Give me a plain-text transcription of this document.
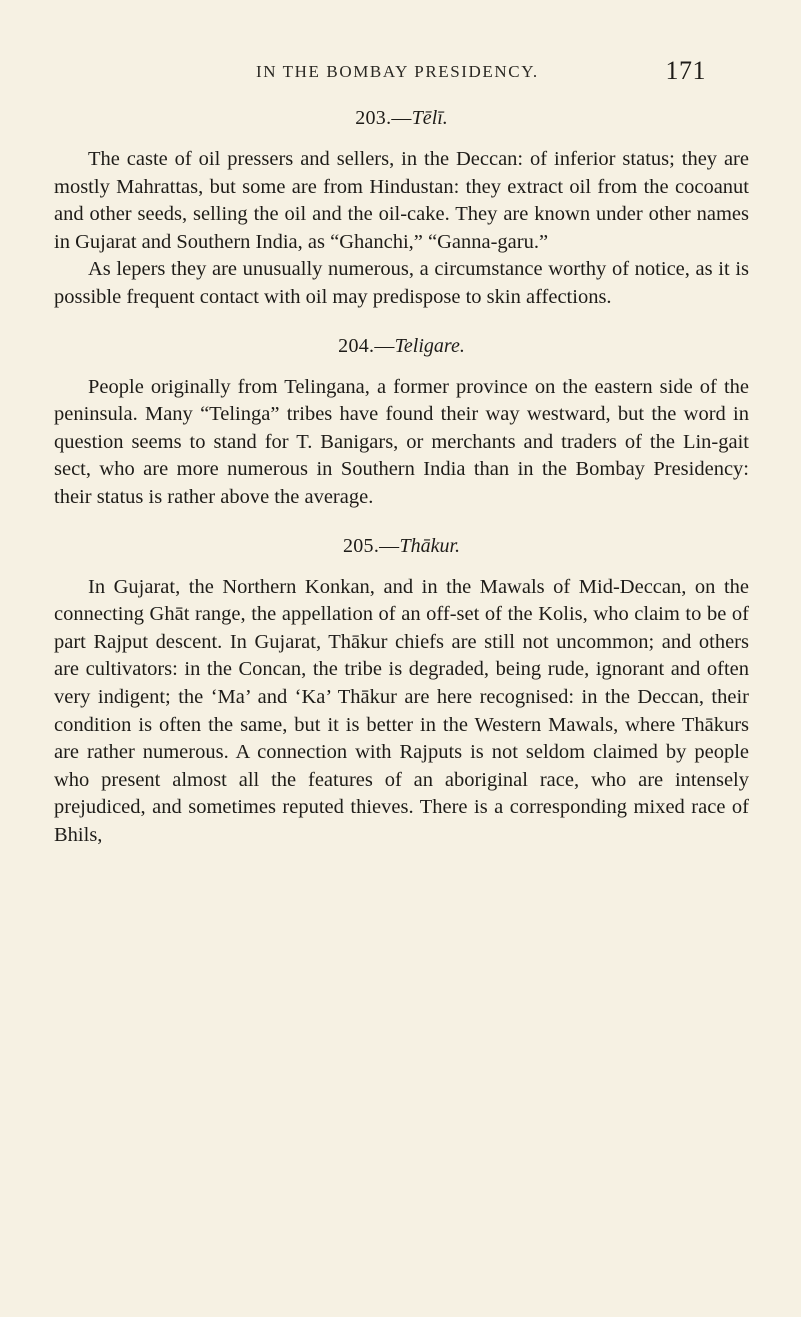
IN THE BOMBAY PRESIDENCY.	171

203.—Tēlī.

The caste of oil pressers and sellers, in the Deccan: of inferior status; they are mostly Mahrattas, but some are from Hindustan: they extract oil from the cocoanut and other seeds, selling the oil and the oil-cake. They are known under other names in Gujarat and Southern India, as “Ghanchi,” “Ganna-garu.”

As lepers they are unusually numerous, a circumstance worthy of notice, as it is possible frequent contact with oil may predispose to skin affections.

204.—Teligare.

People originally from Telingana, a former province on the eastern side of the peninsula. Many “Telinga” tribes have found their way westward, but the word in question seems to stand for T. Banigars, or merchants and traders of the Lin-gait sect, who are more numerous in Southern India than in the Bombay Presidency: their status is rather above the average.

205.—Thākur.

In Gujarat, the Northern Konkan, and in the Mawals of Mid-Deccan, on the connecting Ghāt range, the appellation of an off-set of the Kolis, who claim to be of part Rajput descent. In Gujarat, Thākur chiefs are still not uncommon; and others are cultivators: in the Concan, the tribe is degraded, being rude, ignorant and often very indigent; the ‘Ma’ and ‘Ka’ Thākur are here recognised: in the Deccan, their condition is often the same, but it is better in the Western Mawals, where Thākurs are rather numerous. A connection with Rajputs is not seldom claimed by people who present almost all the features of an aboriginal race, who are intensely prejudiced, and sometimes reputed thieves. There is a corresponding mixed race of Bhils,
